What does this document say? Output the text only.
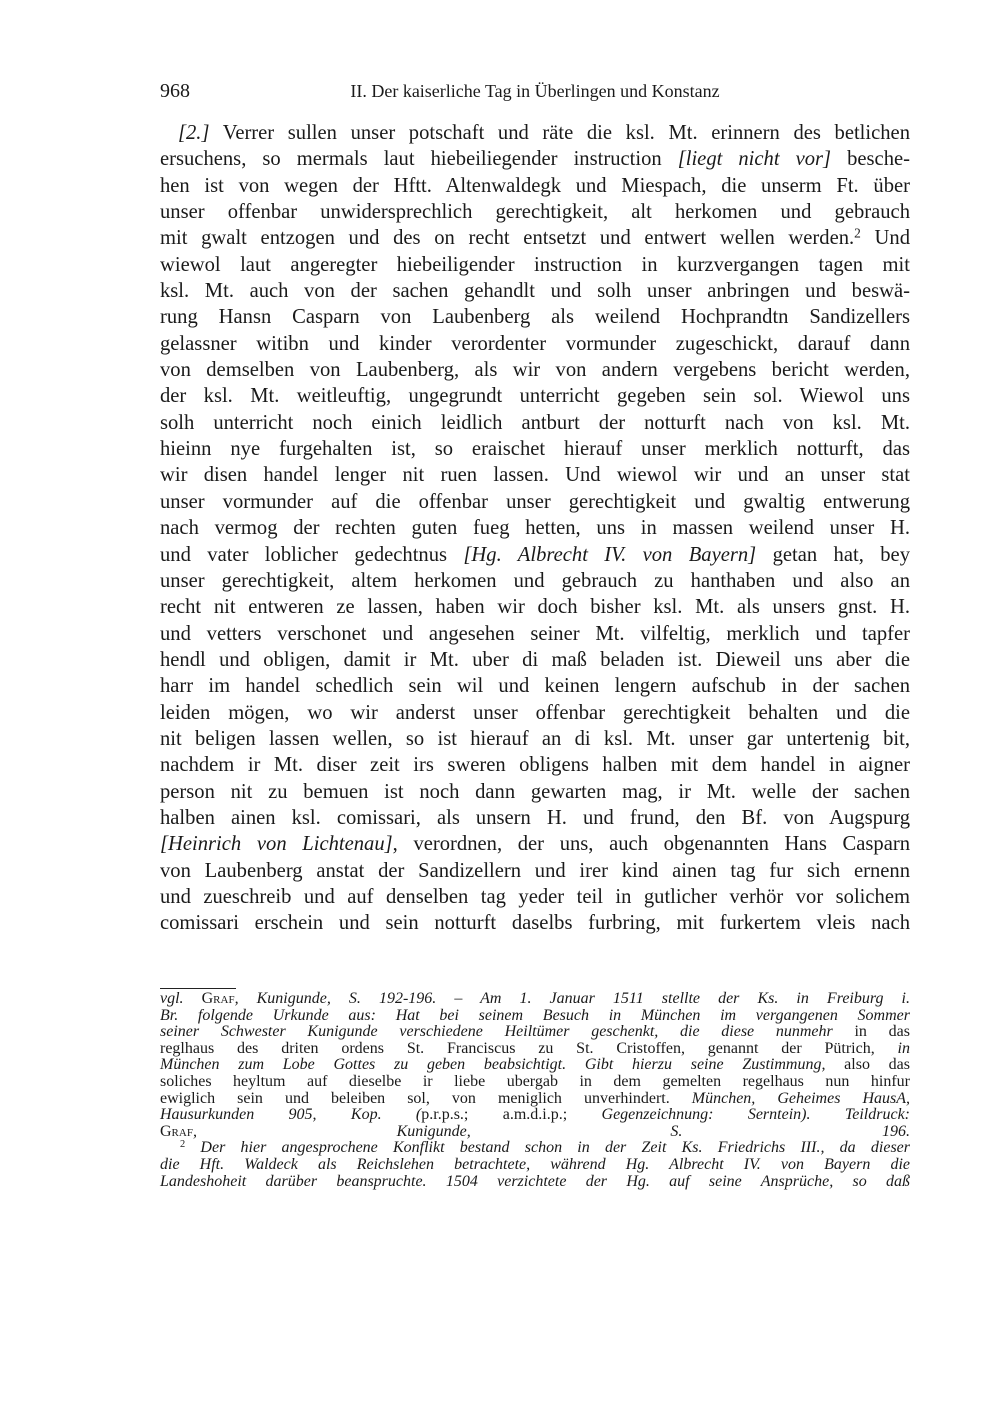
968	II. Der kaiserliche Tag in Überlingen und Konstanz
[2.] Verrer sullen unser potschaft und räte die ksl. Mt. erinnern des betlichen
ersuchens, so mermals laut hiebeiliegender instruction [liegt nicht vor] besche-
hen ist von wegen der Hftt. Altenwaldegk und Miespach, die unserm Ft. über
unser offenbar unwidersprechlich gerechtigkeit, alt herkomen und gebrauch
mit gwalt entzogen und des on recht entsetzt und entwert wellen werden.$^2$ Und
wiewol laut angeregter hiebeiligender instruction in kurzvergangen tagen mit
ksl. Mt. auch von der sachen gehandlt und solh unser anbringen und beswä-
rung Hansn Casparn von Laubenberg als weilend Hochprandtn Sandizellers
gelassner witibn und kinder verordenter vormunder zugeschickt, darauf dann
von demselben von Laubenberg, als wir von andern vergebens bericht werden,
der ksl. Mt. weitleuftig, ungegrundt unterricht gegeben sein sol. Wiewol uns
solh unterricht noch einich leidlich antburt der notturft nach von ksl. Mt.
hieinn nye furgehalten ist, so eraischet hierauf unser merklich notturft, das
wir disen handel lenger nit ruen lassen. Und wiewol wir und an unser stat
unser vormunder auf die offenbar unser gerechtigkeit und gwaltig entwerung
nach vermog der rechten guten fueg hetten, uns in massen weilend unser H.
und vater loblicher gedechtnus [Hg. Albrecht IV. von Bayern] getan hat, bey
unser gerechtigkeit, altem herkomen und gebrauch zu hanthaben und also an
recht nit entweren ze lassen, haben wir doch bisher ksl. Mt. als unsers gnst. H.
und vetters verschonet und angesehen seiner Mt. vilfeltig, merklich und tapfer
hendl und obligen, damit ir Mt. uber di maß beladen ist. Dieweil uns aber die
harr im handel schedlich sein wil und keinen lengern aufschub in der sachen
leiden mögen, wo wir anderst unser offenbar gerechtigkeit behalten und die
nit beligen lassen wellen, so ist hierauf an di ksl. Mt. unser gar untertenig bit,
nachdem ir Mt. diser zeit irs sweren obligens halben mit dem handel in aigner
person nit zu bemuen ist noch dann gewarten mag, ir Mt. welle der sachen
halben ainen ksl. comissari, als unsern H. und frund, den Bf. von Augspurg
[Heinrich von Lichtenau], verordnen, der uns, auch obgenannten Hans Casparn
von Laubenberg anstat der Sandizellern und irer kind ainen tag fur sich ernenn
und zueschreib und auf denselben tag yeder teil in gutlicher verhör vor solichem
comissari erschein und sein notturft daselbs furbring, mit furkertem vleis nach
vgl. Graf, Kunigunde, S. 192-196. – Am 1. Januar 1511 stellte der Ks. in Freiburg i.
Br. folgende Urkunde aus: Hat bei seinem Besuch in München im vergangenen Sommer
seiner Schwester Kunigunde verschiedene Heiltümer geschenkt, die diese nunmehr in das
reglhaus des driten ordens St. Franciscus zu St. Cristoffen, genannt der Pütrich, in
München zum Lobe Gottes zu geben beabsichtigt. Gibt hierzu seine Zustimmung, also das
soliches heyltum auf dieselbe ir liebe ubergab in dem gemelten regelhaus nun hinfur
ewiglich sein und beleiben sol, von meniglich unverhindert. München, Geheimes HausA,
Hausurkunden 905, Kop. (p.r.p.s.; a.m.d.i.p.; Gegenzeichnung: Serntein). Teildruck:
Graf, Kunigunde, S. 196.
$^2$ Der hier angesprochene Konflikt bestand schon in der Zeit Ks. Friedrichs III., da dieser
die Hft. Waldeck als Reichslehen betrachtete, während Hg. Albrecht IV. von Bayern die
Landeshoheit darüber beanspruchte. 1504 verzichtete der Hg. auf seine Ansprüche, so daß
